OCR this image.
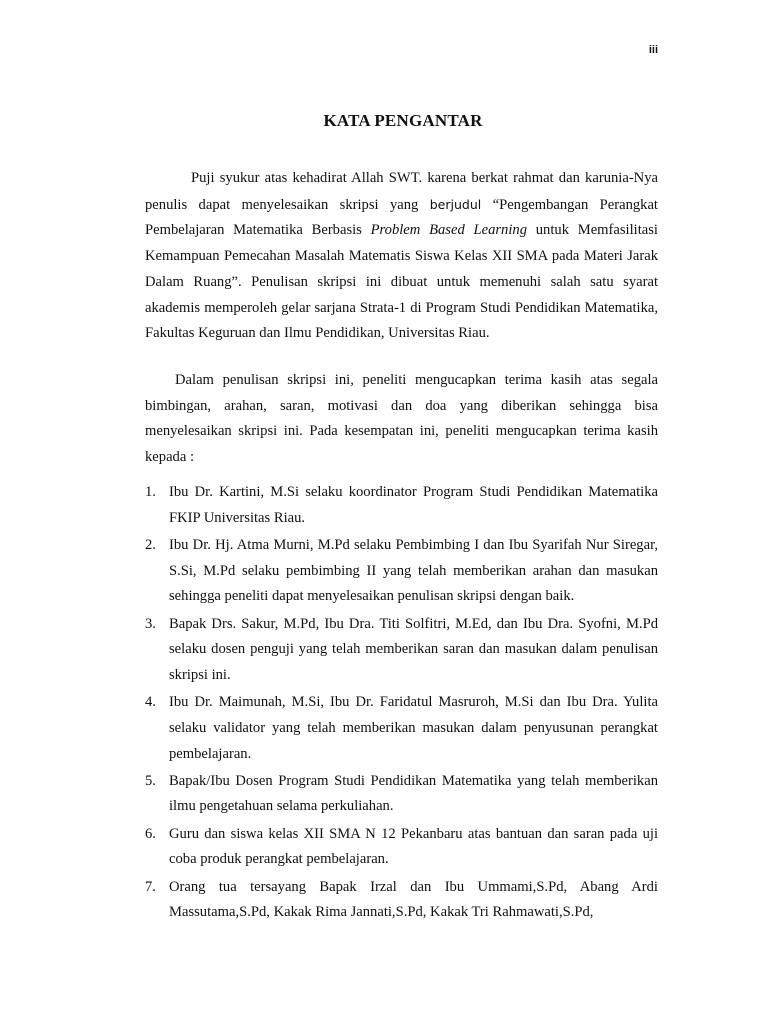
iii
KATA PENGANTAR

Puji syukur atas kehadirat Allah SWT. karena berkat rahmat dan karunia-Nya penulis dapat menyelesaikan skripsi yang berjudul “Pengembangan Perangkat Pembelajaran Matematika Berbasis Problem Based Learning untuk Memfasilitasi Kemampuan Pemecahan Masalah Matematis Siswa Kelas XII SMA pada Materi Jarak Dalam Ruang”. Penulisan skripsi ini dibuat untuk memenuhi salah satu syarat akademis memperoleh gelar sarjana Strata-1 di Program Studi Pendidikan Matematika, Fakultas Keguruan dan Ilmu Pendidikan, Universitas Riau.

Dalam penulisan skripsi ini, peneliti mengucapkan terima kasih atas segala bimbingan, arahan, saran, motivasi dan doa yang diberikan sehingga bisa menyelesaikan skripsi ini. Pada kesempatan ini, peneliti mengucapkan terima kasih kepada :

1. Ibu Dr. Kartini, M.Si selaku koordinator Program Studi Pendidikan Matematika FKIP Universitas Riau.
2. Ibu Dr. Hj. Atma Murni, M.Pd selaku Pembimbing I dan Ibu Syarifah Nur Siregar, S.Si, M.Pd selaku pembimbing II yang telah memberikan arahan dan masukan sehingga peneliti dapat menyelesaikan penulisan skripsi dengan baik.
3. Bapak Drs. Sakur, M.Pd, Ibu Dra. Titi Solfitri, M.Ed, dan Ibu Dra. Syofni, M.Pd selaku dosen penguji yang telah memberikan saran dan masukan dalam penulisan skripsi ini.
4. Ibu Dr. Maimunah, M.Si, Ibu Dr. Faridatul Masruroh, M.Si dan Ibu Dra. Yulita selaku validator yang telah memberikan masukan dalam penyusunan perangkat pembelajaran.
5. Bapak/Ibu Dosen Program Studi Pendidikan Matematika yang telah memberikan ilmu pengetahuan selama perkuliahan.
6. Guru dan siswa kelas XII SMA N 12 Pekanbaru atas bantuan dan saran pada uji coba produk perangkat pembelajaran.
7. Orang tua tersayang Bapak Irzal dan Ibu Ummami,S.Pd, Abang Ardi Massutama,S.Pd, Kakak Rima Jannati,S.Pd, Kakak Tri Rahmawati,S.Pd,
